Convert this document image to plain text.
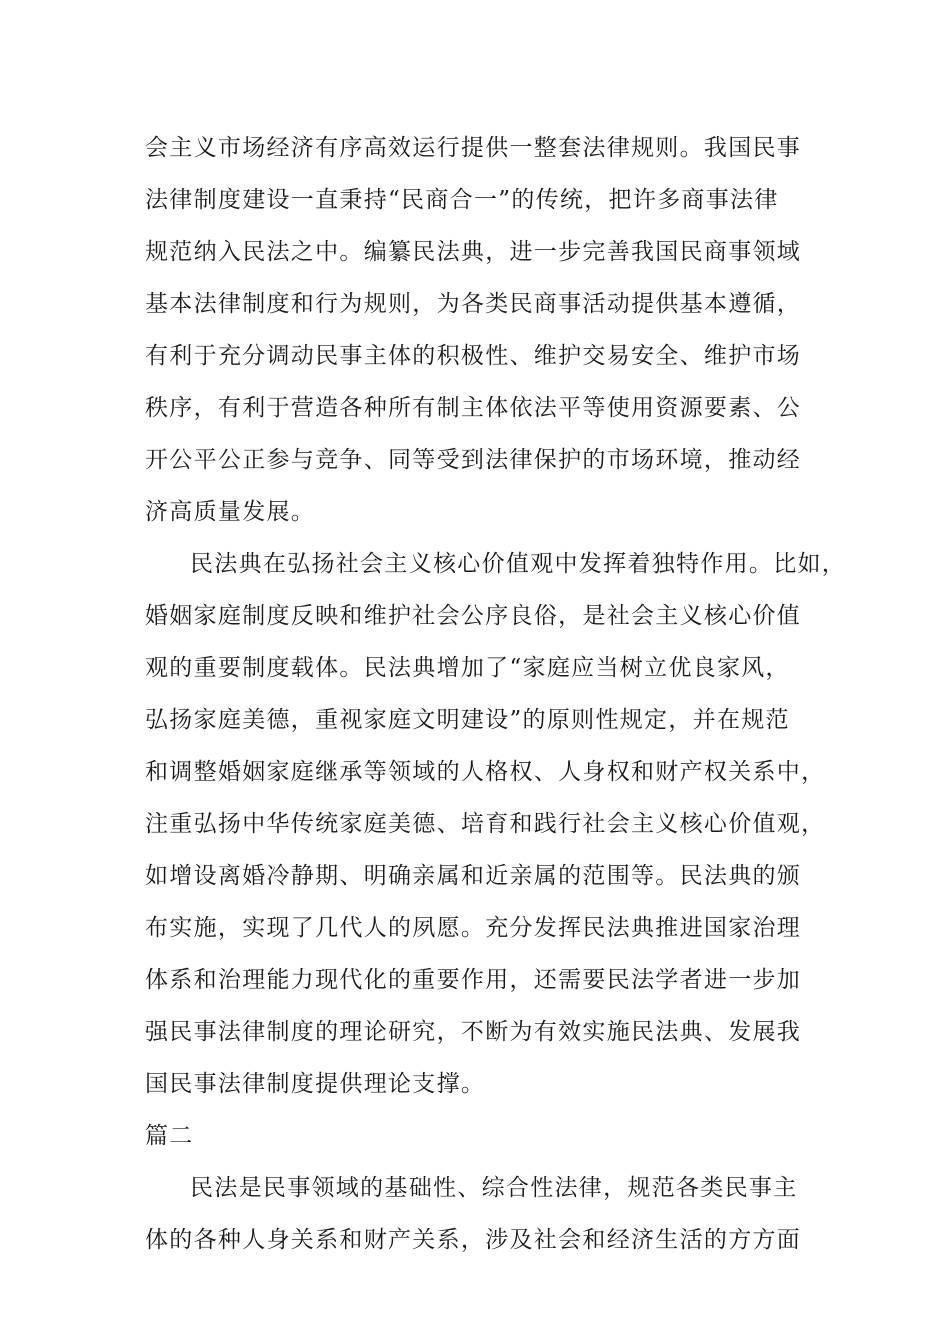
会主义市场经济有序高效运行提供一整套法律规则。我国民事
法律制度建设一直秉持“民商合一”的传统，把许多商事法律
规范纳入民法之中。编纂民法典，进一步完善我国民商事领域
基本法律制度和行为规则，为各类民商事活动提供基本遵循，
有利于充分调动民事主体的积极性、维护交易安全、维护市场
秩序，有利于营造各种所有制主体依法平等使用资源要素、公
开公平公正参与竞争、同等受到法律保护的市场环境，推动经
济高质量发展。
民法典在弘扬社会主义核心价值观中发挥着独特作用。比如，
婚姻家庭制度反映和维护社会公序良俗，是社会主义核心价值
观的重要制度载体。民法典增加了“家庭应当树立优良家风，
弘扬家庭美德，重视家庭文明建设”的原则性规定，并在规范
和调整婚姻家庭继承等领域的人格权、人身权和财产权关系中，
注重弘扬中华传统家庭美德、培育和践行社会主义核心价值观，
如增设离婚冷静期、明确亲属和近亲属的范围等。民法典的颁
布实施，实现了几代人的夙愿。充分发挥民法典推进国家治理
体系和治理能力现代化的重要作用，还需要民法学者进一步加
强民事法律制度的理论研究，不断为有效实施民法典、发展我
国民事法律制度提供理论支撑。
篇二
民法是民事领域的基础性、综合性法律，规范各类民事主
体的各种人身关系和财产关系，涉及社会和经济生活的方方面
